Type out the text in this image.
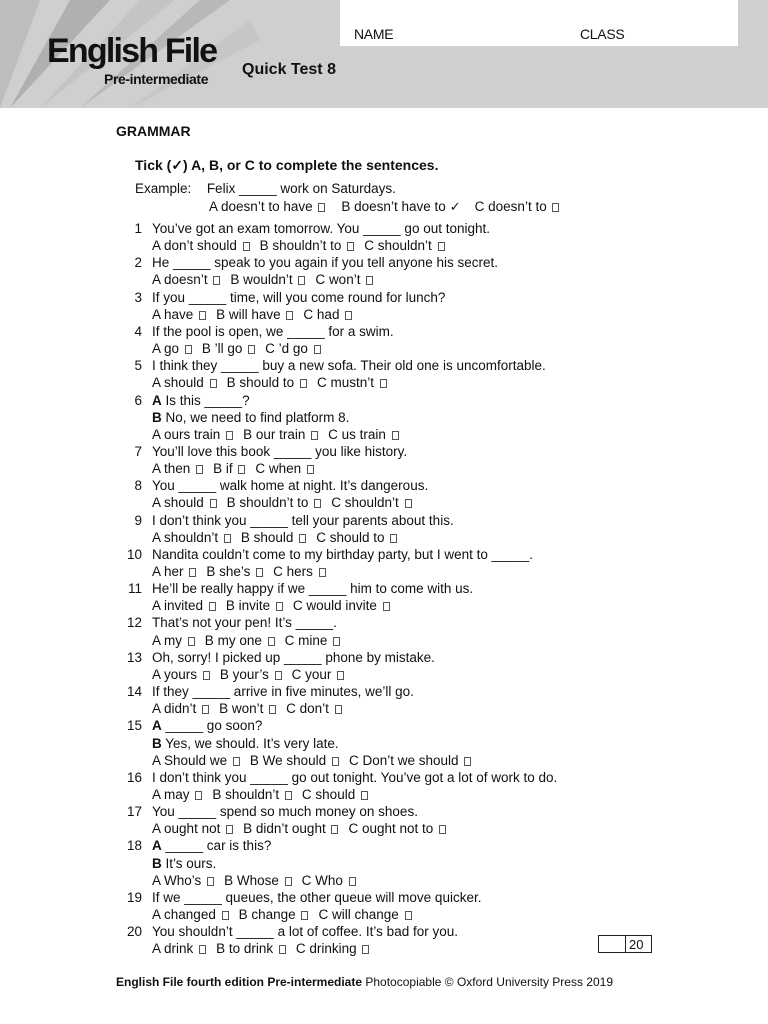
NAME	CLASS
English File
Pre-intermediate
Quick Test 8
GRAMMAR
Tick (✓) A, B, or C to complete the sentences.
Example: Felix _____ work on Saturdays.
A doesn’t to have B doesn’t have to ✓ C doesn’t to
1 You’ve got an exam tomorrow. You _____ go out tonight.
A don’t should B shouldn’t to C shouldn’t
2 He _____ speak to you again if you tell anyone his secret.
A doesn’t B wouldn’t C won’t
3 If you _____ time, will you come round for lunch?
A have B will have C had
4 If the pool is open, we _____ for a swim.
A go B ’ll go C ’d go
5 I think they _____ buy a new sofa. Their old one is uncomfortable.
A should B should to C mustn’t
6 A Is this _____?
B No, we need to find platform 8.
A ours train B our train C us train
7 You’ll love this book _____ you like history.
A then B if C when
8 You _____ walk home at night. It’s dangerous.
A should B shouldn’t to C shouldn’t
9 I don’t think you _____ tell your parents about this.
A shouldn’t B should C should to
10 Nandita couldn’t come to my birthday party, but I went to _____.
A her B she’s C hers
11 He’ll be really happy if we _____ him to come with us.
A invited B invite C would invite
12 That’s not your pen! It’s _____.
A my B my one C mine
13 Oh, sorry! I picked up _____ phone by mistake.
A yours B your’s C your
14 If they _____ arrive in five minutes, we’ll go.
A didn’t B won’t C don’t
15 A _____ go soon?
B Yes, we should. It’s very late.
A Should we B We should C Don’t we should
16 I don’t think you _____ go out tonight. You’ve got a lot of work to do.
A may B shouldn’t C should
17 You _____ spend so much money on shoes.
A ought not B didn’t ought C ought not to
18 A _____ car is this?
B It’s ours.
A Who’s B Whose C Who
19 If we _____ queues, the other queue will move quicker.
A changed B change C will change
20 You shouldn’t _____ a lot of coffee. It’s bad for you.
A drink B to drink C drinking	20
English File fourth edition Pre-intermediate Photocopiable © Oxford University Press 2019
